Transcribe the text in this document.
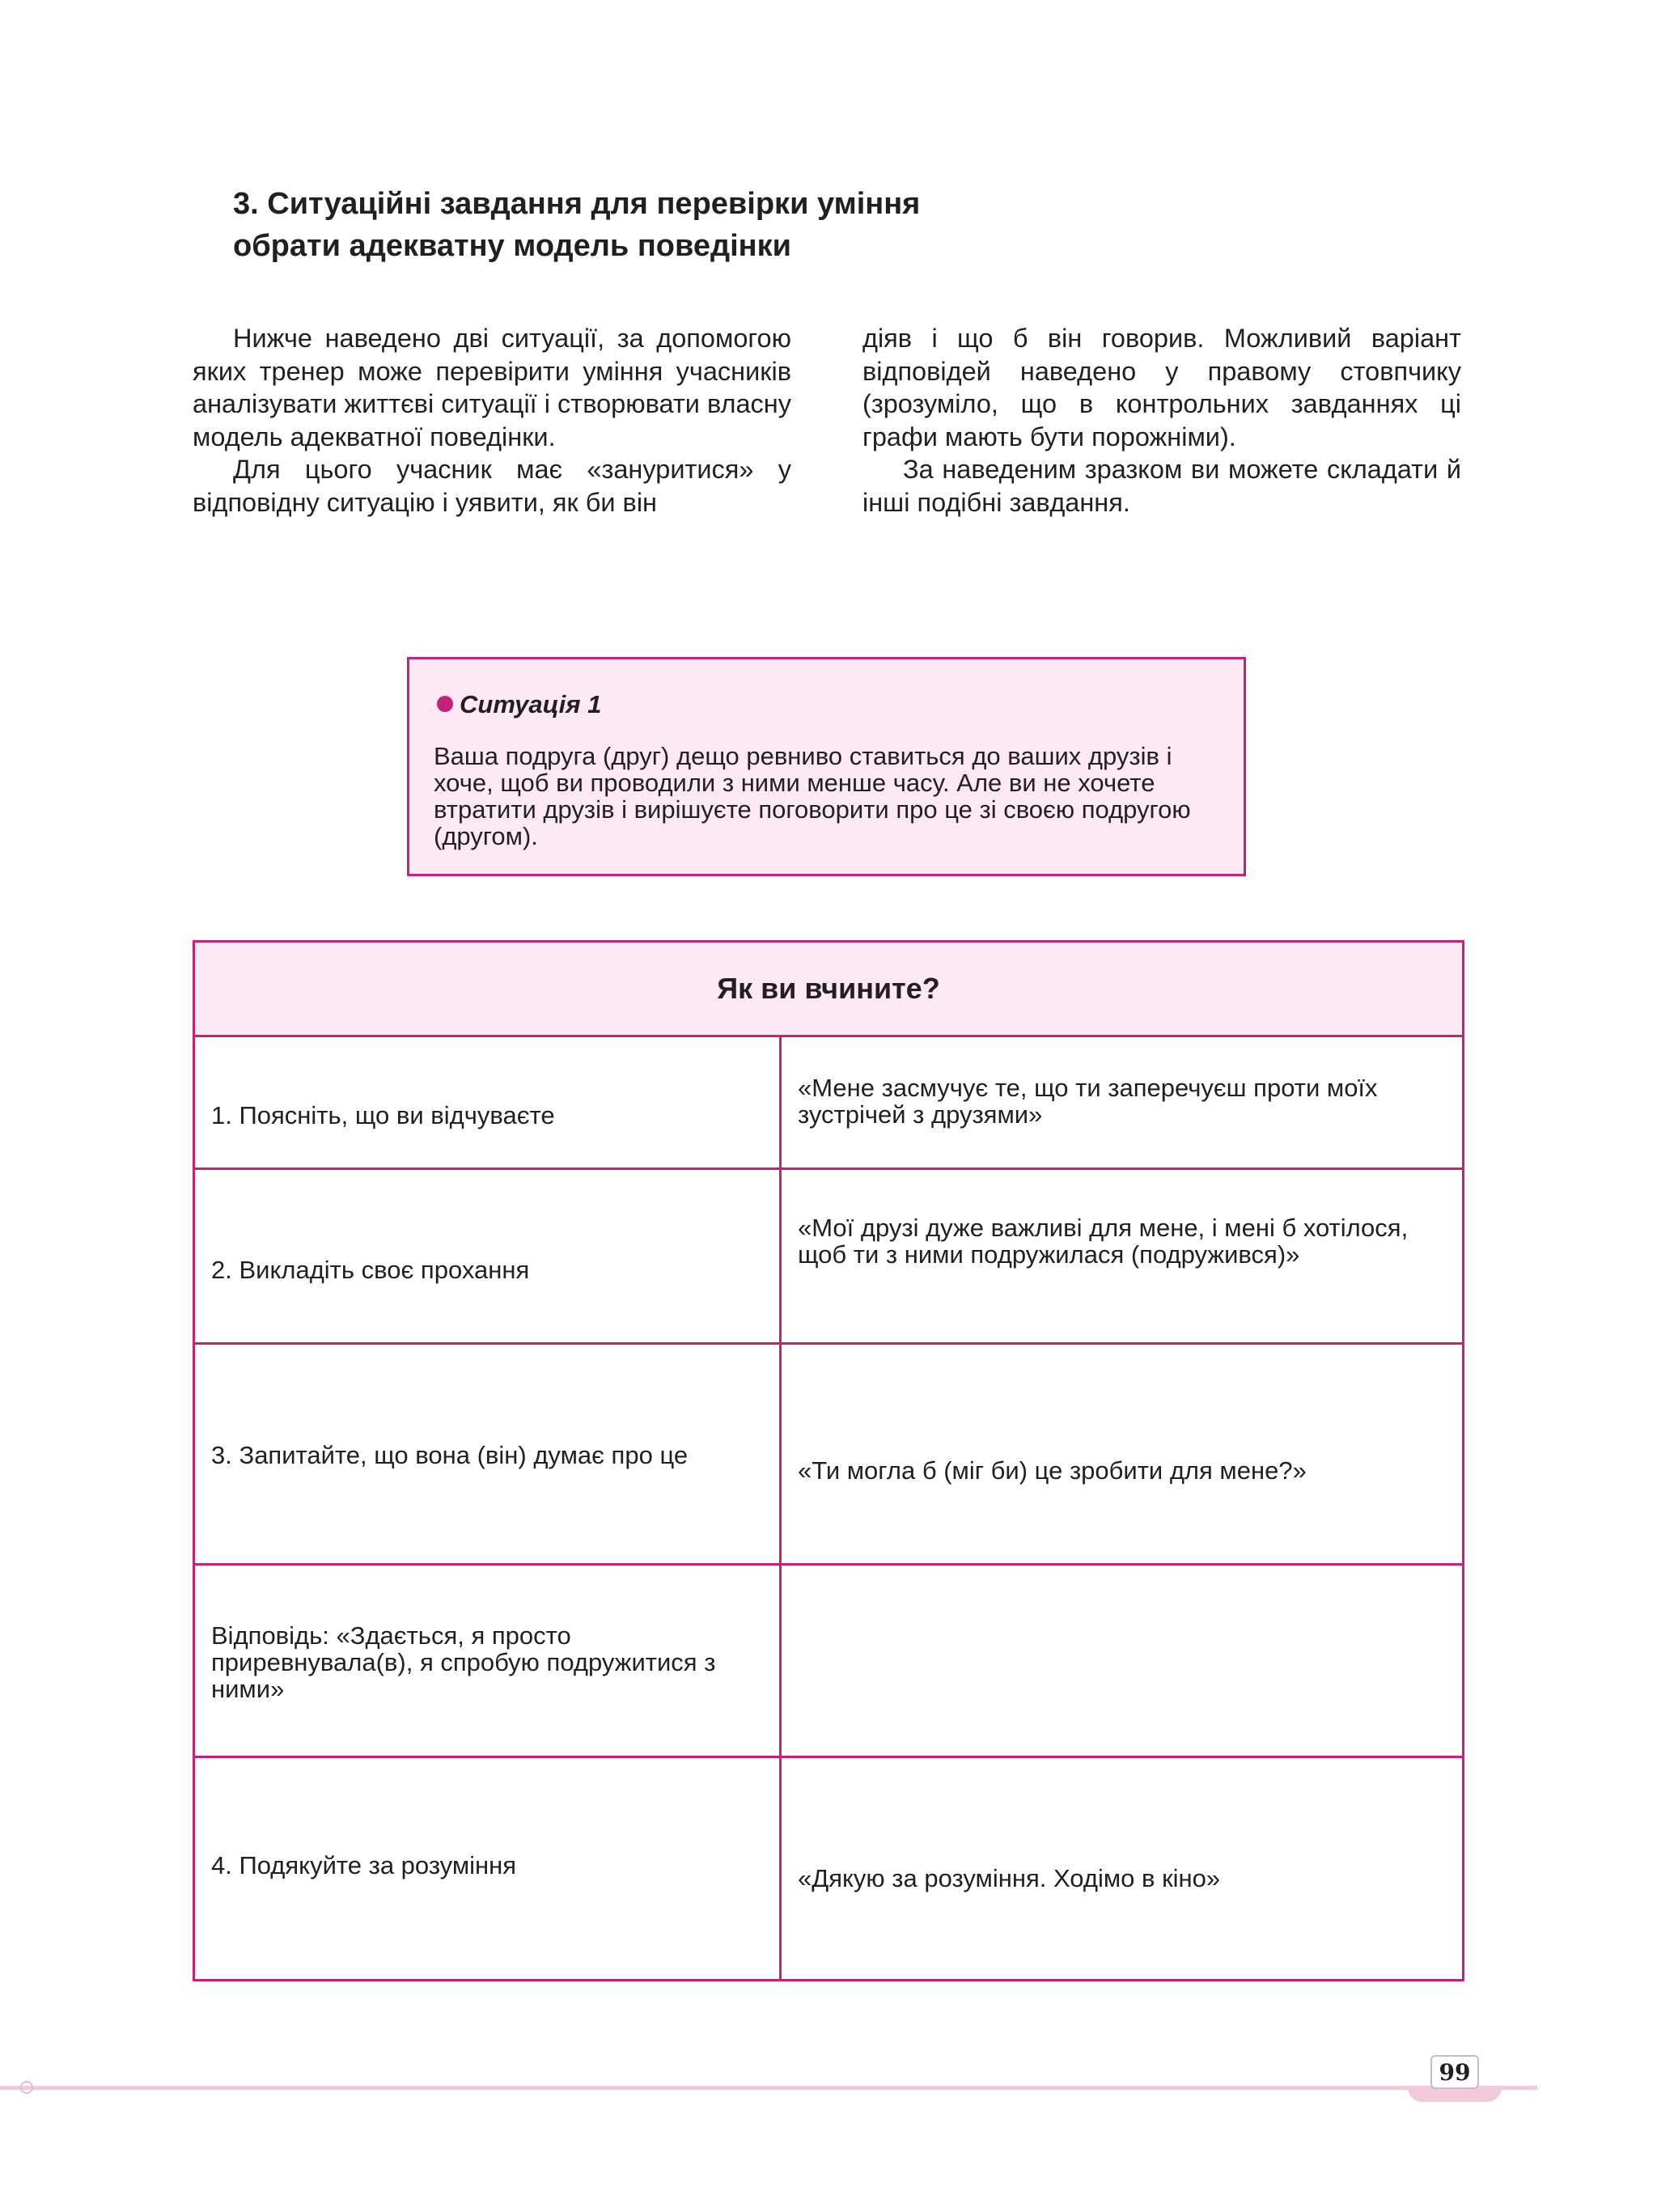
3. Ситуаційні завдання для перевірки уміння
обрати адекватну модель поведінки

Нижче наведено дві ситуації, за допомогою яких тренер може перевірити уміння учасників аналізувати життєві ситуації і створювати власну модель адекватної поведінки.

Для цього учасник має «зануритися» у відповідну ситуацію і уявити, як би він

діяв і що б він говорив. Можливий варіант відповідей наведено у правому стовпчику (зрозуміло, що в контрольних завданнях ці графи мають бути порожніми).

За наведеним зразком ви можете складати й інші подібні завдання.

Ситуація 1

Ваша подруга (друг) дещо ревниво ставиться до ваших друзів і хоче, щоб ви проводили з ними менше часу. Але ви не хочете втратити друзів і вирішуєте поговорити про це зі своєю подругою (другом).

Як ви вчините?

1. Поясніть, що ви відчуваєте

«Мене засмучує те, що ти заперечуєш проти моїх зустрічей з друзями»

2. Викладіть своє прохання

«Мої друзі дуже важливі для мене, і мені б хотілося, щоб ти з ними подружилася (подружився)»

3. Запитайте, що вона (він) думає про це

«Ти могла б (міг би) це зробити для мене?»

Відповідь: «Здається, я просто приревнувала(в), я спробую подружитися з ними»

4. Подякуйте за розуміння	«Дякую за розуміння. Ходімо в кіно»

99
